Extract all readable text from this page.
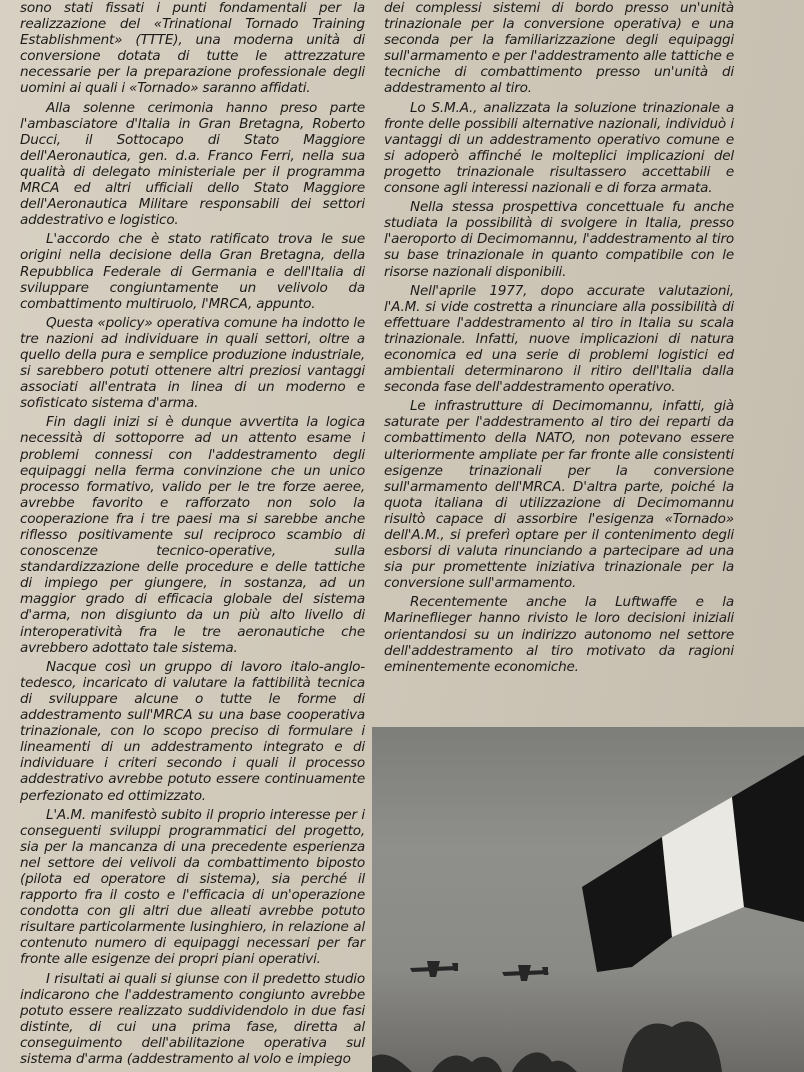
sono stati fissati i punti fondamentali per la realizzazione del «Trinational Tornado Training Establishment» (TTTE), una moderna unità di conversione dotata di tutte le attrezzature necessarie per la preparazione professionale degli uomini ai quali i «Tornado» saranno affidati.

Alla solenne cerimonia hanno preso parte l'ambasciatore d'Italia in Gran Bretagna, Roberto Ducci, il Sottocapo di Stato Maggiore dell'Aeronautica, gen. d.a. Franco Ferri, nella sua qualità di delegato ministeriale per il programma MRCA ed altri ufficiali dello Stato Maggiore dell'Aeronautica Militare responsabili dei settori addestrativo e logistico.

L'accordo che è stato ratificato trova le sue origini nella decisione della Gran Bretagna, della Repubblica Federale di Germania e dell'Italia di sviluppare congiuntamente un velivolo da combattimento multiruolo, l'MRCA, appunto.

Questa «policy» operativa comune ha indotto le tre nazioni ad individuare in quali settori, oltre a quello della pura e semplice produzione industriale, si sarebbero potuti ottenere altri preziosi vantaggi associati all'entrata in linea di un moderno e sofisticato sistema d'arma.

Fin dagli inizi si è dunque avvertita la logica necessità di sottoporre ad un attento esame i problemi connessi con l'addestramento degli equipaggi nella ferma convinzione che un unico processo formativo, valido per le tre forze aeree, avrebbe favorito e rafforzato non solo la cooperazione fra i tre paesi ma si sarebbe anche riflesso positivamente sul reciproco scambio di conoscenze tecnico-operative, sulla standardizzazione delle procedure e delle tattiche di impiego per giungere, in sostanza, ad un maggior grado di efficacia globale del sistema d'arma, non disgiunto da un più alto livello di interoperatività fra le tre aeronautiche che avrebbero adottato tale sistema.

Nacque così un gruppo di lavoro italo-anglo-tedesco, incaricato di valutare la fattibilità tecnica di sviluppare alcune o tutte le forme di addestramento sull'MRCA su una base cooperativa trinazionale, con lo scopo preciso di formulare i lineamenti di un addestramento integrato e di individuare i criteri secondo i quali il processo addestrativo avrebbe potuto essere continuamente perfezionato ed ottimizzato.

L'A.M. manifestò subito il proprio interesse per i conseguenti sviluppi programmatici del progetto, sia per la mancanza di una precedente esperienza nel settore dei velivoli da combattimento biposto (pilota ed operatore di sistema), sia perché il rapporto fra il costo e l'efficacia di un'operazione condotta con gli altri due alleati avrebbe potuto risultare particolarmente lusinghiero, in relazione al contenuto numero di equipaggi necessari per far fronte alle esigenze dei propri piani operativi.

I risultati ai quali si giunse con il predetto studio indicarono che l'addestramento congiunto avrebbe potuto essere realizzato suddividendolo in due fasi distinte, di cui una prima fase, diretta al conseguimento dell'abilitazione operativa sul sistema d'arma (addestramento al volo e impiego

dei complessi sistemi di bordo presso un'unità trinazionale per la conversione operativa) e una seconda per la familiarizzazione degli equipaggi sull'armamento e per l'addestramento alle tattiche e tecniche di combattimento presso un'unità di addestramento al tiro.

Lo S.M.A., analizzata la soluzione trinazionale a fronte delle possibili alternative nazionali, individuò i vantaggi di un addestramento operativo comune e si adoperò affinché le molteplici implicazioni del progetto trinazionale risultassero accettabili e consone agli interessi nazionali e di forza armata.

Nella stessa prospettiva concettuale fu anche studiata la possibilità di svolgere in Italia, presso l'aeroporto di Decimomannu, l'addestramento al tiro su base trinazionale in quanto compatibile con le risorse nazionali disponibili.

Nell'aprile 1977, dopo accurate valutazioni, l'A.M. si vide costretta a rinunciare alla possibilità di effettuare l'addestramento al tiro in Italia su scala trinazionale. Infatti, nuove implicazioni di natura economica ed una serie di problemi logistici ed ambientali determinarono il ritiro dell'Italia dalla seconda fase dell'addestramento operativo.

Le infrastrutture di Decimomannu, infatti, già saturate per l'addestramento al tiro dei reparti da combattimento della NATO, non potevano essere ulteriormente ampliate per far fronte alle consistenti esigenze trinazionali per la conversione sull'armamento dell'MRCA. D'altra parte, poiché la quota italiana di utilizzazione di Decimomannu risultò capace di assorbire l'esigenza «Tornado» dell'A.M., si preferì optare per il contenimento degli esborsi di valuta rinunciando a partecipare ad una sia pur promettente iniziativa trinazionale per la conversione sull'armamento.

Recentemente anche la Luftwaffe e la Marineflieger hanno rivisto le loro decisioni iniziali orientandosi su un indirizzo autonomo nel settore dell'addestramento al tiro motivato da ragioni eminentemente economiche.
